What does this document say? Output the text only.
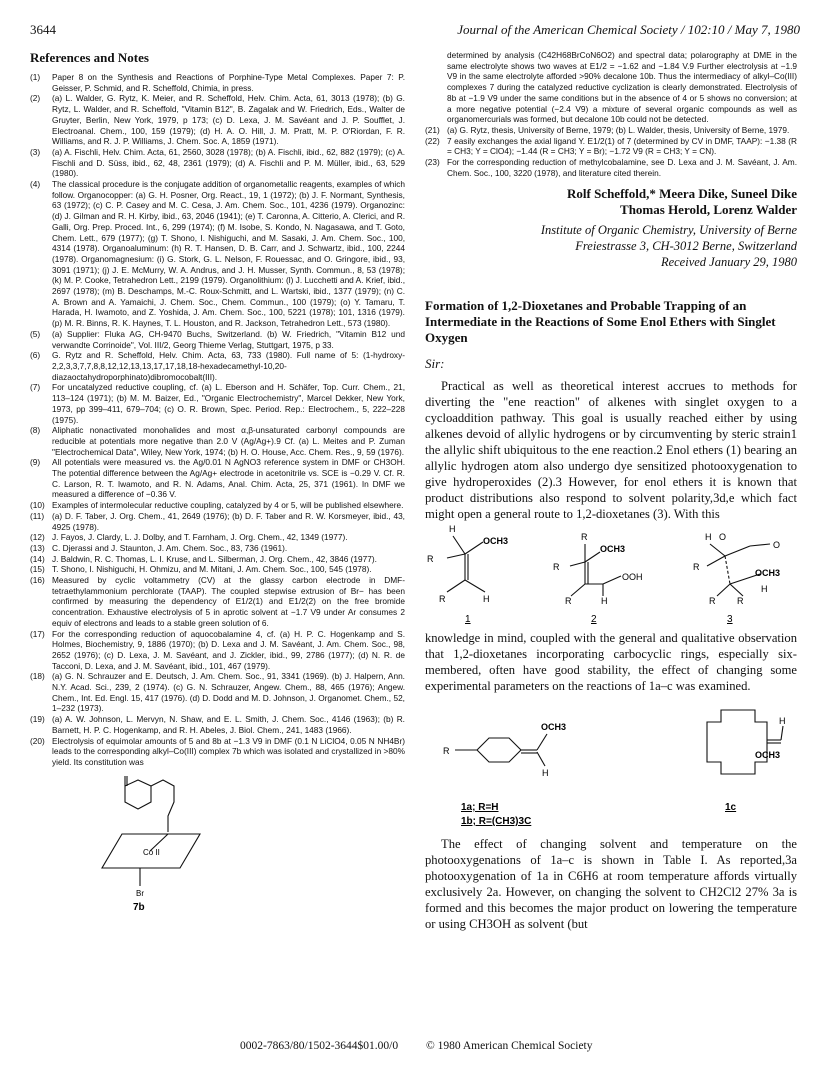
3644	Journal of the American Chemical Society / 102:10 / May 7, 1980
References and Notes
(1)	Paper 8 on the Synthesis and Reactions of Porphine-Type Metal Complexes. Paper 7: P. Geisser, P. Schmid, and R. Scheffold, Chimia, in press.
(2)	(a) L. Walder, G. Rytz, K. Meier, and R. Scheffold, Helv. Chim. Acta, 61, 3013 (1978); (b) G. Rytz, L. Walder, and R. Scheffold, "Vitamin B12", B. Zagalak and W. Friedrich, Eds., Walter de Gruyter, Berlin, New York, 1979, p 173; (c) D. Lexa, J. M. Savéant and J. P. Soufflet, J. Electroanal. Chem., 100, 159 (1979); (d) H. A. O. Hill, J. M. Pratt, M. P. O'Riordan, F. R. Williams, and R. J. P. Williams, J. Chem. Soc. A, 1859 (1971).
(3)	(a) A. Fischli, Helv. Chim. Acta, 61, 2560, 3028 (1978); (b) A. Fischli, ibid., 62, 882 (1979); (c) A. Fischli and D. Süss, ibid., 62, 48, 2361 (1979); (d) A. Fischli and P. M. Müller, ibid., 63, 529 (1980).
(4)	The classical procedure is the conjugate addition of organometallic reagents, examples of which follow. Organocopper: (a) G. H. Posner, Org. React., 19, 1 (1972); (b) J. F. Normant, Synthesis, 63 (1972); (c) C. P. Casey and M. C. Cesa, J. Am. Chem. Soc., 101, 4236 (1979). Organozinc: (d) J. Gilman and R. H. Kirby, ibid., 63, 2046 (1941); (e) T. Caronna, A. Citterio, A. Clerici, and R. Galli, Org. Prep. Proced. Int., 6, 299 (1974); (f) M. Isobe, S. Kondo, N. Nagasawa, and T. Goto, Chem. Lett., 679 (1977); (g) T. Shono, I. Nishiguchi, and M. Sasaki, J. Am. Chem. Soc., 100, 4314 (1978). Organoaluminum: (h) R. T. Hansen, D. B. Carr, and J. Schwartz, ibid., 100, 2244 (1978). Organomagnesium: (i) G. Stork, G. L. Nelson, F. Rouessac, and O. Gringore, ibid., 93, 3091 (1971); (j) J. E. McMurry, W. A. Andrus, and J. H. Musser, Synth. Commun., 8, 53 (1978); (k) M. P. Cooke, Tetrahedron Lett., 2199 (1979). Organolithium: (l) J. Lucchetti and A. Krief, ibid., 2697 (1978); (m) B. Deschamps, M.-C. Roux-Schmitt, and L. Wartski, ibid., 1377 (1979); (n) C. A. Brown and A. Yamaichi, J. Chem. Soc., Chem. Commun., 100 (1979); (o) Y. Tamaru, T. Harada, H. Iwamoto, and Z. Yoshida, J. Am. Chem. Soc., 100, 5221 (1978); 101, 1316 (1979). (p) M. R. Binns, R. K. Haynes, T. L. Houston, and R. Jackson, Tetrahedron Lett., 573 (1980).
(5)	(a) Supplier: Fluka AG, CH-9470 Buchs, Switzerland. (b) W. Friedrich, "Vitamin B12 und verwandte Corrinoide", Vol. III/2, Georg Thieme Verlag, Stuttgart, 1975, p 33.
(6)	G. Rytz and R. Scheffold, Helv. Chim. Acta, 63, 733 (1980). Full name of 5: (1-hydroxy-2,2,3,3,7,7,8,8,12,12,13,13,17,17,18,18-hexadecamethyl-10,20-diazaoctahydroporphinato)dibromocobalt(III).
(7)	For uncatalyzed reductive coupling, cf. (a) L. Eberson and H. Schäfer, Top. Curr. Chem., 21, 113–124 (1971); (b) M. M. Baizer, Ed., "Organic Electrochemistry", Marcel Dekker, New York, 1973, pp 399–411, 679–704; (c) O. R. Brown, Spec. Period. Rep.: Electrochem., 5, 222–228 (1975).
(8)	Aliphatic nonactivated monohalides and most α,β-unsaturated carbonyl compounds are reducible at potentials more negative than 2.0 V (Ag/Ag+).9 Cf. (a) L. Meites and P. Zuman "Electrochemical Data", Wiley, New York, 1974; (b) H. O. House, Acc. Chem. Res., 9, 59 (1976).
(9)	All potentials were measured vs. the Ag/0.01 N AgNO3 reference system in DMF or CH3OH. The potential difference between the Ag/Ag+ electrode in acetonitrile vs. SCE is −0.29 V. Cf. R. C. Larson, R. T. Iwamoto, and R. N. Adams, Anal. Chim. Acta, 25, 371 (1961). In DMF we measured a difference of −0.36 V.
(10) Examples of intermolecular reductive coupling, catalyzed by 4 or 5, will be published elsewhere.
(11) (a) D. F. Taber, J. Org. Chem., 41, 2649 (1976); (b) D. F. Taber and R. W. Korsmeyer, ibid., 43, 4925 (1978).
(12) J. Fayos, J. Clardy, L. J. Dolby, and T. Farnham, J. Org. Chem., 42, 1349 (1977).
(13) C. Djerassi and J. Staunton, J. Am. Chem. Soc., 83, 736 (1961).
(14) J. Baldwin, R. C. Thomas, L. I. Kruse, and L. Silberman, J. Org. Chem., 42, 3846 (1977).
(15) T. Shono, I. Nishiguchi, H. Ohmizu, and M. Mitani, J. Am. Chem. Soc., 100, 545 (1978).
(16) Measured by cyclic voltammetry (CV) at the glassy carbon electrode in DMF-tetraethylammonium perchlorate (TAAP). The coupled stepwise extrusion of Br− has been confirmed by measuring the dependency of E1/2(1) and E1/2(2) on the free bromide concentration. Exhaustive electrolysis of 5 in aprotic solvent at −1.7 V9 under Ar consumes 2 equiv of electrons and leads to a stable green solution of 6.
(17) For the corresponding reduction of aquocobalamine 4, cf. (a) H. P. C. Hogenkamp and S. Holmes, Biochemistry, 9, 1886 (1970); (b) D. Lexa and J. M. Savéant, J. Am. Chem. Soc., 98, 2652 (1976); (c) D. Lexa, J. M. Savéant, and J. Zickler, ibid., 99, 2786 (1977); (d) N. R. de Tacconi, D. Lexa, and J. M. Savéant, ibid., 101, 467 (1979).
(18) (a) G. N. Schrauzer and E. Deutsch, J. Am. Chem. Soc., 91, 3341 (1969). (b) J. Halpern, Ann. N.Y. Acad. Sci., 239, 2 (1974). (c) G. N. Schrauzer, Angew. Chem., 88, 465 (1976); Angew. Chem., Int. Ed. Engl. 15, 417 (1976). (d) D. Dodd and M. D. Johnson, J. Organomet. Chem., 52, 1–232 (1973).
(19) (a) A. W. Johnson, L. Mervyn, N. Shaw, and E. L. Smith, J. Chem. Soc., 4146 (1963); (b) R. Barnett, H. P. C. Hogenkamp, and R. H. Abeles, J. Biol. Chem., 241, 1483 (1966).
(20) Electrolysis of equimolar amounts of 5 and 8b at −1.3 V9 in DMF (0.1 N LiClO4, 0.05 N NH4Br) leads to the corresponding alkyl–Co(III) complex 7b which was isolated and crystallized in >80% yield. Its constitution was
Co II
Br
7b
determined by analysis (C42H68BrCoN6O2) and spectral data; polarography at DME in the same electrolyte shows two waves at E1/2 = −1.62 and −1.84 V.9 Further electrolysis at −1.9 V9 in the same electrolyte afforded >90% decalone 10b. Thus the intermediacy of alkyl–Co(III) complexes 7 during the catalyzed reductive cyclization is clearly demonstrated. Electrolysis of 8b at −1.9 V9 under the same conditions but in the absence of 4 or 5 shows no conversion; at a more negative potential (−2.4 V9) a mixture of several organic compounds as well as organomercurials was formed, but decalone 10b could not be detected.
(21) (a) G. Rytz, thesis, University of Berne, 1979; (b) L. Walder, thesis, University of Berne, 1979.
(22) 7 easily exchanges the axial ligand Y. E1/2(1) of 7 (determined by CV in DMF, TAAP): −1.38 (R = CH3; Y = ClO4); −1.44 (R = CH3; Y = Br); −1.72 V9 (R = CH3; Y = CN).
(23) For the corresponding reduction of methylcobalamine, see D. Lexa and J. M. Savéant, J. Am. Chem. Soc., 100, 3220 (1978), and literature cited therein.
Rolf Scheffold,* Meera Dike, Suneel Dike
Thomas Herold, Lorenz Walder
Institute of Organic Chemistry, University of Berne
Freiestrasse 3, CH-3012 Berne, Switzerland
Received January 29, 1980
Formation of 1,2-Dioxetanes and Probable Trapping of an Intermediate in the Reactions of Some Enol Ethers with Singlet Oxygen
Sir:

Practical as well as theoretical interest accrues to methods for diverting the "ene reaction" of alkenes with singlet oxygen to a cycloaddition pathway. This goal is usually reached either by using alkenes devoid of allylic hydrogens or by circumventing by steric strain1 the allylic shift ubiquitous to the ene reaction.2 Enol ethers (1) bearing an allylic hydrogen atom also undergo dye sensitized photooxygenation to give hydroperoxides (2).3 However, for enol ethers it is known that product distributions also respond to solvent polarity,3d,e which fact might open a general route to 1,2-dioxetanes (3). With this

H
R
OCH3
R	H
1
R
R
OCH3
OOH
R	H
2
H O
O
R
OCH3
R R
H
3

knowledge in mind, coupled with the general and qualitative observation that 1,2-dioxetanes incorporating carbocyclic rings, especially six-membered, often have good stability, the effect of changing some experimental parameters on the reactions of 1a–c was examined.

OCH3
R
H
H
OCH3
1a; R=H
1b; R=(CH3)3C
1c

The effect of changing solvent and temperature on the photooxygenations of 1a–c is shown in Table I. As reported,3a photooxygenation of 1a in C6H6 at room temperature affords virtually exclusively 2a. However, on changing the solvent to CH2Cl2 27% 3a is formed and this becomes the major product on lowering the temperature or using CH3OH as solvent (but

0002-7863/80/1502-3644$01.00/0 © 1980 American Chemical Society
